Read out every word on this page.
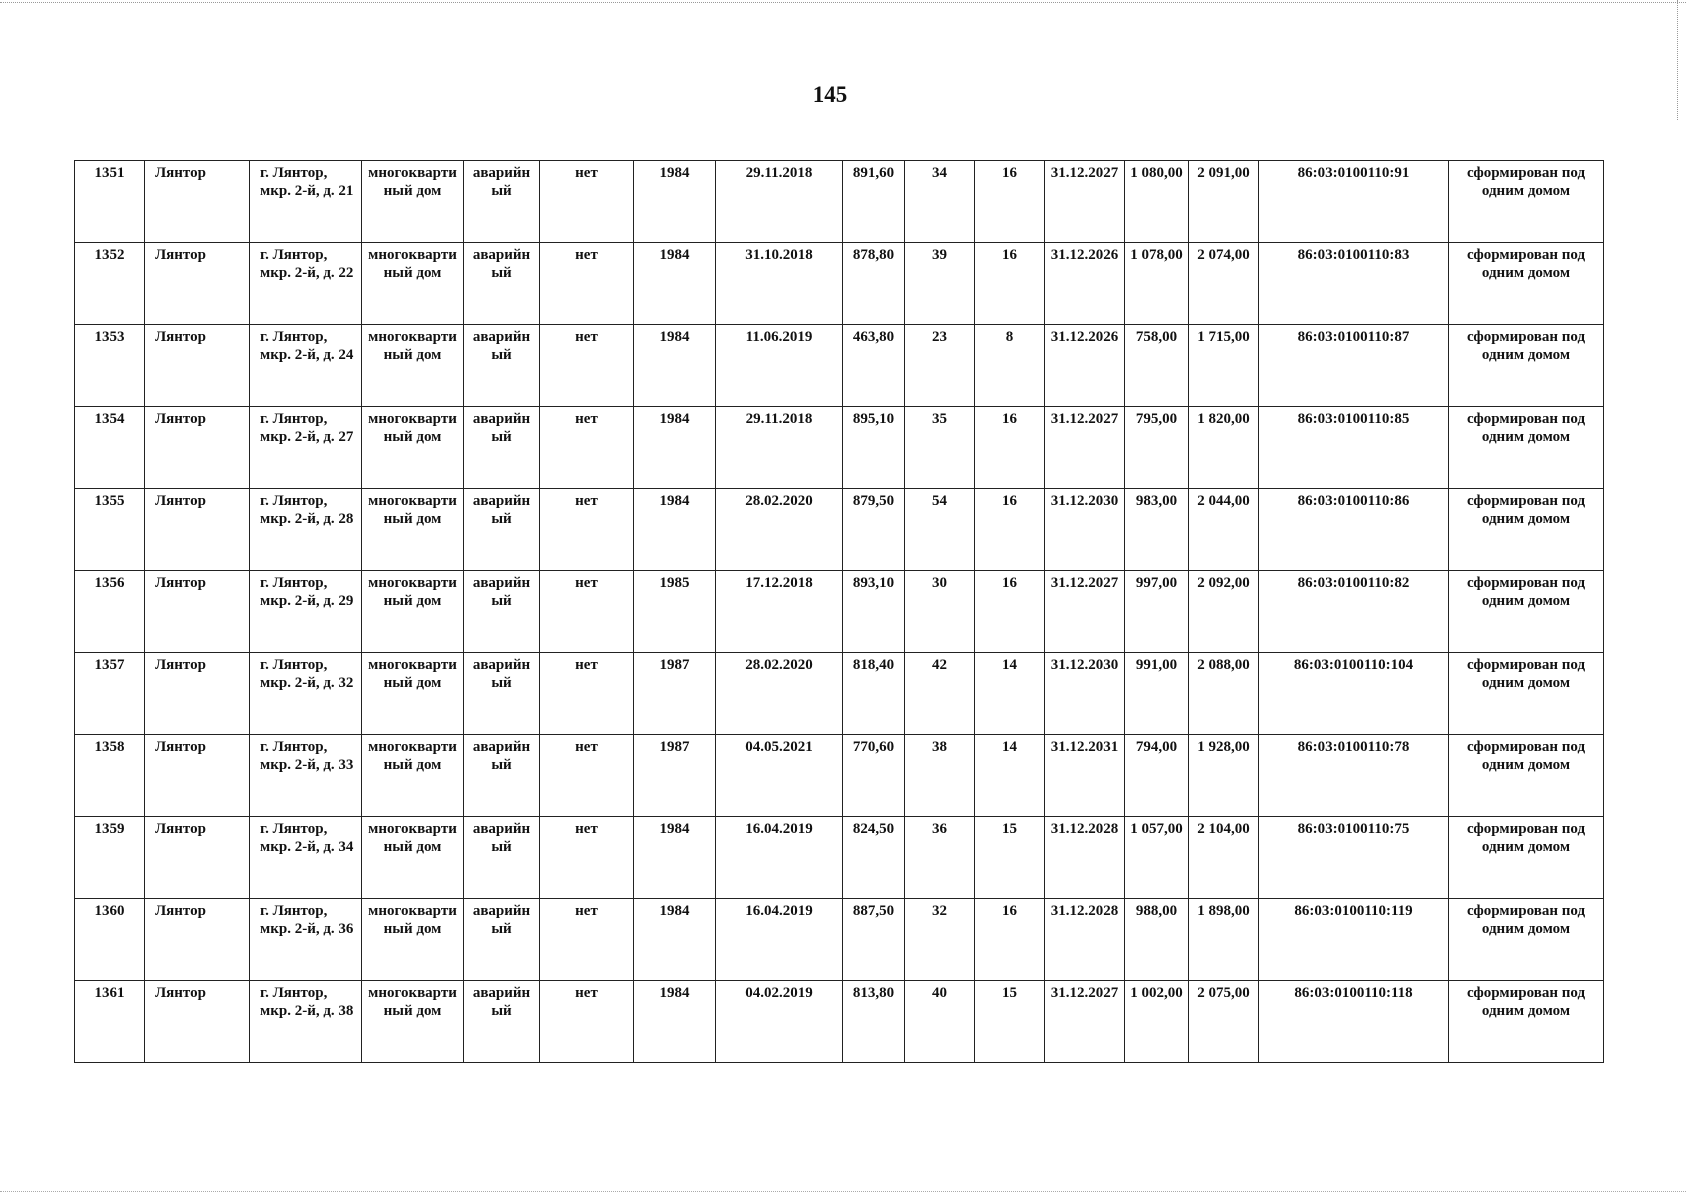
145
1351	Лянтор	г. Лянтор, мкр. 2-й, д. 21	многоквартиный дом	аварийный	нет	1984	29.11.2018	891,60	34	16	31.12.2027	1 080,00	2 091,00	86:03:0100110:91	сформирован под одним домом
1352	Лянтор	г. Лянтор, мкр. 2-й, д. 22	многоквартиный дом	аварийный	нет	1984	31.10.2018	878,80	39	16	31.12.2026	1 078,00	2 074,00	86:03:0100110:83	сформирован под одним домом
1353	Лянтор	г. Лянтор, мкр. 2-й, д. 24	многоквартиный дом	аварийный	нет	1984	11.06.2019	463,80	23	8	31.12.2026	758,00	1 715,00	86:03:0100110:87	сформирован под одним домом
1354	Лянтор	г. Лянтор, мкр. 2-й, д. 27	многоквартиный дом	аварийный	нет	1984	29.11.2018	895,10	35	16	31.12.2027	795,00	1 820,00	86:03:0100110:85	сформирован под одним домом
1355	Лянтор	г. Лянтор, мкр. 2-й, д. 28	многоквартиный дом	аварийный	нет	1984	28.02.2020	879,50	54	16	31.12.2030	983,00	2 044,00	86:03:0100110:86	сформирован под одним домом
1356	Лянтор	г. Лянтор, мкр. 2-й, д. 29	многоквартиный дом	аварийный	нет	1985	17.12.2018	893,10	30	16	31.12.2027	997,00	2 092,00	86:03:0100110:82	сформирован под одним домом
1357	Лянтор	г. Лянтор, мкр. 2-й, д. 32	многоквартиный дом	аварийный	нет	1987	28.02.2020	818,40	42	14	31.12.2030	991,00	2 088,00	86:03:0100110:104	сформирован под одним домом
1358	Лянтор	г. Лянтор, мкр. 2-й, д. 33	многоквартиный дом	аварийный	нет	1987	04.05.2021	770,60	38	14	31.12.2031	794,00	1 928,00	86:03:0100110:78	сформирован под одним домом
1359	Лянтор	г. Лянтор, мкр. 2-й, д. 34	многоквартиный дом	аварийный	нет	1984	16.04.2019	824,50	36	15	31.12.2028	1 057,00	2 104,00	86:03:0100110:75	сформирован под одним домом
1360	Лянтор	г. Лянтор, мкр. 2-й, д. 36	многоквартиный дом	аварийный	нет	1984	16.04.2019	887,50	32	16	31.12.2028	988,00	1 898,00	86:03:0100110:119	сформирован под одним домом
1361	Лянтор	г. Лянтор, мкр. 2-й, д. 38	многоквартиный дом	аварийный	нет	1984	04.02.2019	813,80	40	15	31.12.2027	1 002,00	2 075,00	86:03:0100110:118	сформирован под одним домом
